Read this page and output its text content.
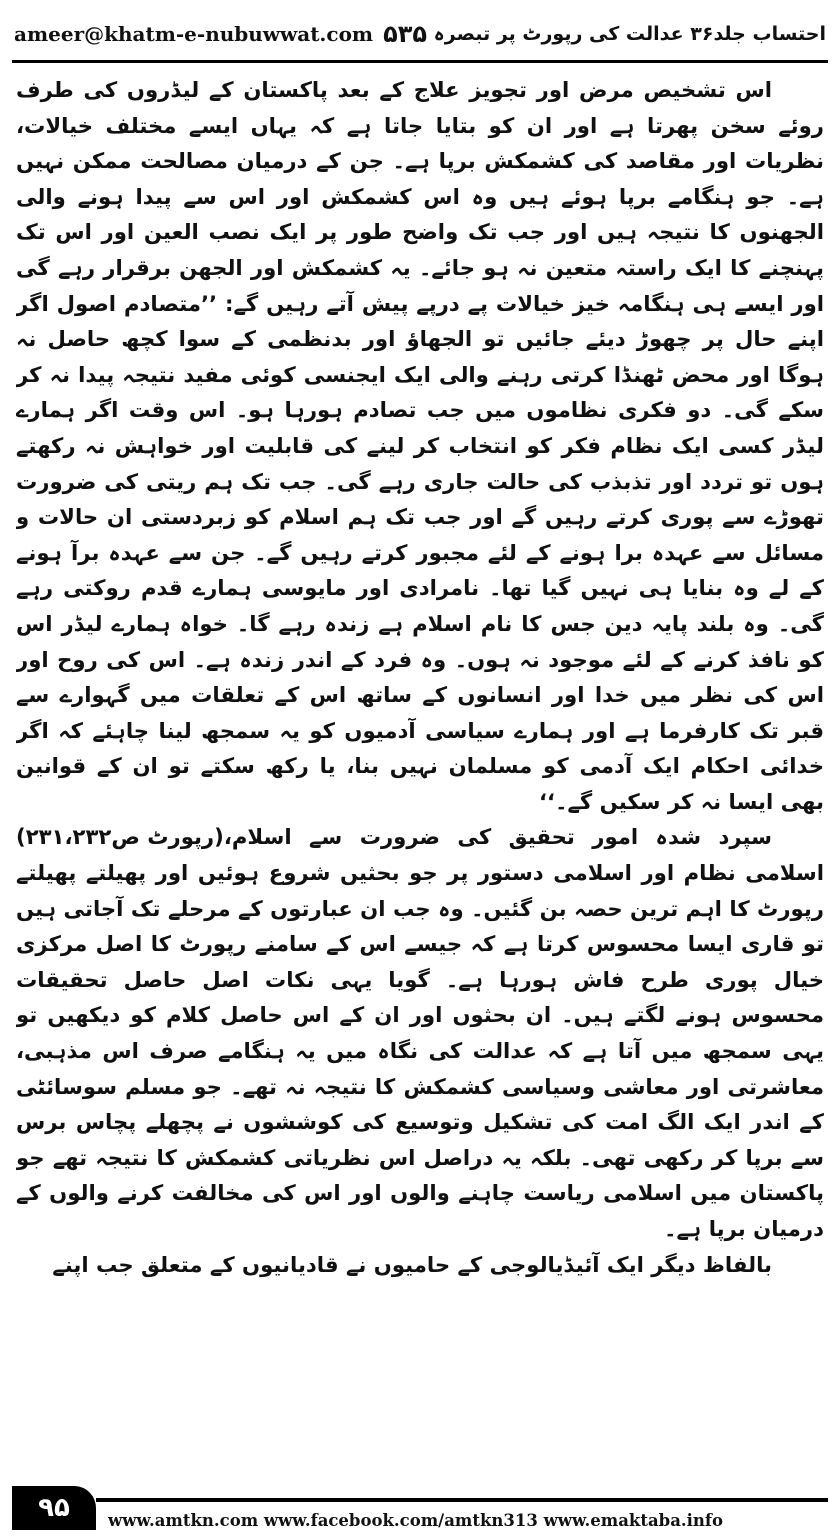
ameer@khatm-e-nubuwwat.com ۵۳۵ احتساب جلد۳۶ عدالت کی رپورٹ پر تبصرہ

اس تشخیص مرض اور تجویز علاج کے بعد پاکستان کے لیڈروں کی طرف روئے سخن پھرتا ہے اور ان کو بتایا جاتا ہے کہ یہاں ایسے مختلف خیالات، نظریات اور مقاصد کی کشمکش برپا ہے۔ جن کے درمیان مصالحت ممکن نہیں ہے۔ جو ہنگامے برپا ہوئے ہیں وہ اس کشمکش اور اس سے پیدا ہونے والی الجھنوں کا نتیجہ ہیں اور جب تک واضح طور پر ایک نصب العین اور اس تک پہنچنے کا ایک راستہ متعین نہ ہو جائے۔ یہ کشمکش اور الجھن برقرار رہے گی اور ایسے ہی ہنگامہ خیز خیالات پے درپے پیش آتے رہیں گے: ’’متصادم اصول اگر اپنے حال پر چھوڑ دیئے جائیں تو الجھاؤ اور بدنظمی کے سوا کچھ حاصل نہ ہوگا اور محض ٹھنڈا کرتی رہنے والی ایک ایجنسی کوئی مفید نتیجہ پیدا نہ کر سکے گی۔ دو فکری نظاموں میں جب تصادم ہورہا ہو۔ اس وقت اگر ہمارے لیڈر کسی ایک نظام فکر کو انتخاب کر لینے کی قابلیت اور خواہش نہ رکھتے ہوں تو تردد اور تذبذب کی حالت جاری رہے گی۔ جب تک ہم ریتی کی ضرورت تھوڑے سے پوری کرتے رہیں گے اور جب تک ہم اسلام کو زبردستی ان حالات و مسائل سے عہدہ برا ہونے کے لئے مجبور کرتے رہیں گے۔ جن سے عہدہ برآ ہونے کے لے وہ بنایا ہی نہیں گیا تھا۔ نامرادی اور مایوسی ہمارے قدم روکتی رہے گی۔ وہ بلند پایہ دین جس کا نام اسلام ہے زندہ رہے گا۔ خواہ ہمارے لیڈر اس کو نافذ کرنے کے لئے موجود نہ ہوں۔ وہ فرد کے اندر زندہ ہے۔ اس کی روح اور اس کی نظر میں خدا اور انسانوں کے ساتھ اس کے تعلقات میں گہوارے سے قبر تک کارفرما ہے اور ہمارے سیاسی آدمیوں کو یہ سمجھ لینا چاہئے کہ اگر خدائی احکام ایک آدمی کو مسلمان نہیں بنا، یا رکھ سکتے تو ان کے قوانین بھی ایسا نہ کر سکیں گے۔‘‘

(رپورٹ ص۲۳۱،۲۳۲) سپرد شدہ امور تحقیق کی ضرورت سے اسلام، اسلامی نظام اور اسلامی دستور پر جو بحثیں شروع ہوئیں اور پھیلتے پھیلتے رپورٹ کا اہم ترین حصہ بن گئیں۔ وہ جب ان عبارتوں کے مرحلے تک آجاتی ہیں تو قاری ایسا محسوس کرتا ہے کہ جیسے اس کے سامنے رپورٹ کا اصل مرکزی خیال پوری طرح فاش ہورہا ہے۔ گویا یہی نکات اصل حاصل تحقیقات محسوس ہونے لگتے ہیں۔ ان بحثوں اور ان کے اس حاصل کلام کو دیکھیں تو یہی سمجھ میں آتا ہے کہ عدالت کی نگاہ میں یہ ہنگامے صرف اس مذہبی، معاشرتی اور معاشی وسیاسی کشمکش کا نتیجہ نہ تھے۔ جو مسلم سوسائٹی کے اندر ایک الگ امت کی تشکیل وتوسیع کی کوششوں نے پچھلے پچاس برس سے برپا کر رکھی تھی۔ بلکہ یہ دراصل اس نظریاتی کشمکش کا نتیجہ تھے جو پاکستان میں اسلامی ریاست چاہنے والوں اور اس کی مخالفت کرنے والوں کے درمیان برپا ہے۔

بالفاظ دیگر ایک آئیڈیالوجی کے حامیوں نے قادیانیوں کے متعلق جب اپنے

۹۵	www.amtkn.com www.facebook.com/amtkn313 www.emaktaba.info
